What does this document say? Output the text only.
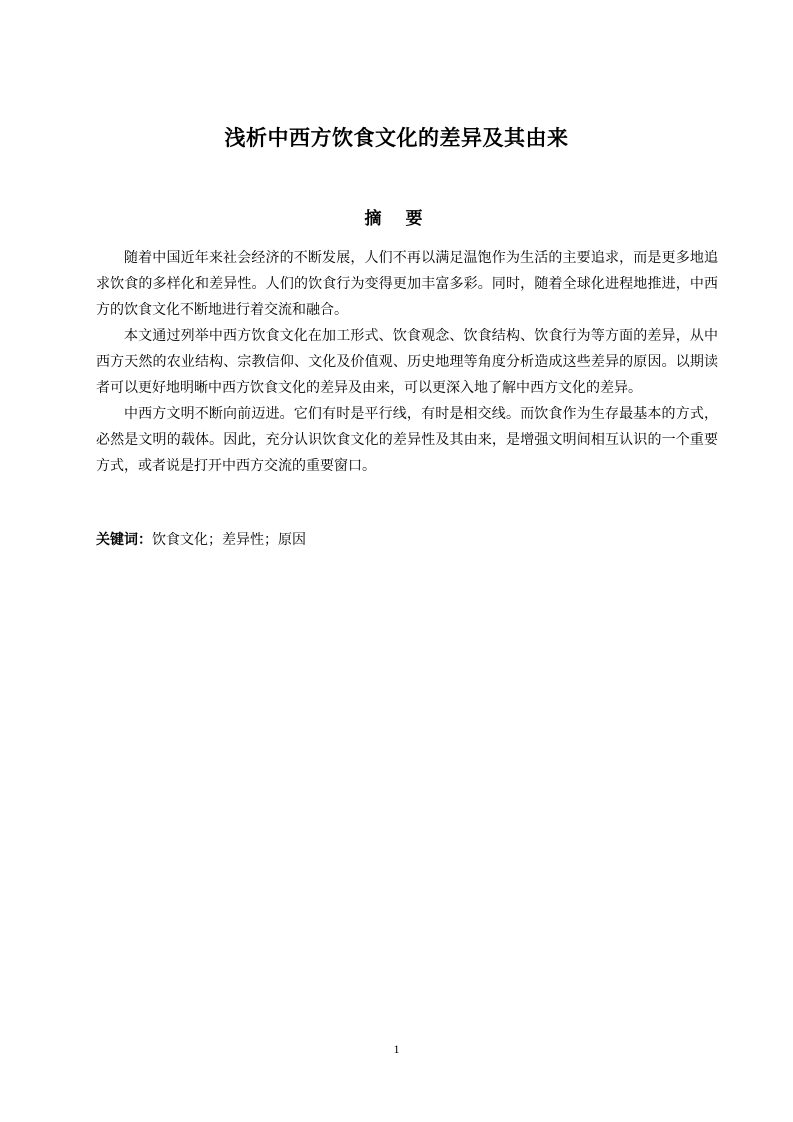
浅析中西方饮食文化的差异及其由来
摘 要

随着中国近年来社会经济的不断发展，人们不再以满足温饱作为生活的主要追求，而是更多地追求饮食的多样化和差异性。人们的饮食行为变得更加丰富多彩。同时，随着全球化进程地推进，中西方的饮食文化不断地进行着交流和融合。

本文通过列举中西方饮食文化在加工形式、饮食观念、饮食结构、饮食行为等方面的差异，从中西方天然的农业结构、宗教信仰、文化及价值观、历史地理等角度分析造成这些差异的原因。以期读者可以更好地明晰中西方饮食文化的差异及由来，可以更深入地了解中西方文化的差异。

中西方文明不断向前迈进。它们有时是平行线，有时是相交线。而饮食作为生存最基本的方式，必然是文明的载体。因此，充分认识饮食文化的差异性及其由来，是增强文明间相互认识的一个重要方式，或者说是打开中西方交流的重要窗口。

关键词：饮食文化；差异性；原因
1
